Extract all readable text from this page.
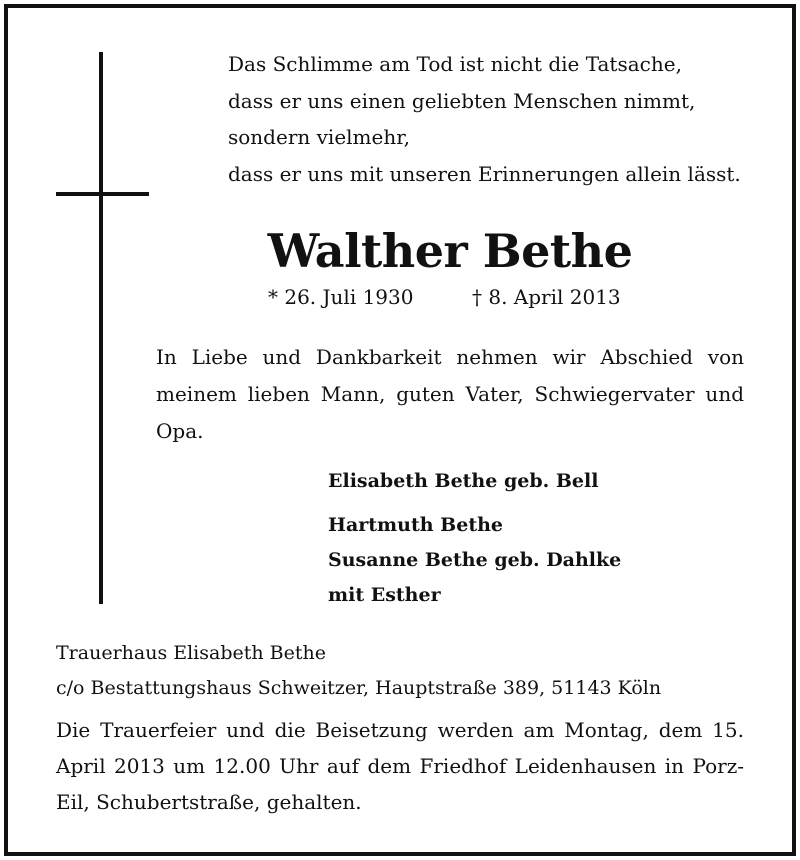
Das Schlimme am Tod ist nicht die Tatsache,
dass er uns einen geliebten Menschen nimmt,
sondern vielmehr,
dass er uns mit unseren Erinnerungen allein lässt.
Walther Bethe
* 26. Juli 1930	† 8. April 2013
In Liebe und Dankbarkeit nehmen wir Abschied von meinem lieben Mann, guten Vater, Schwiegervater und Opa.
Elisabeth Bethe geb. Bell
Hartmuth Bethe
Susanne Bethe geb. Dahlke
mit Esther
Trauerhaus Elisabeth Bethe
c/o Bestattungshaus Schweitzer, Hauptstraße 389, 51143 Köln
Die Trauerfeier und die Beisetzung werden am Montag, dem 15. April 2013 um 12.00 Uhr auf dem Friedhof Leidenhausen in Porz-Eil, Schubertstraße, gehalten.
